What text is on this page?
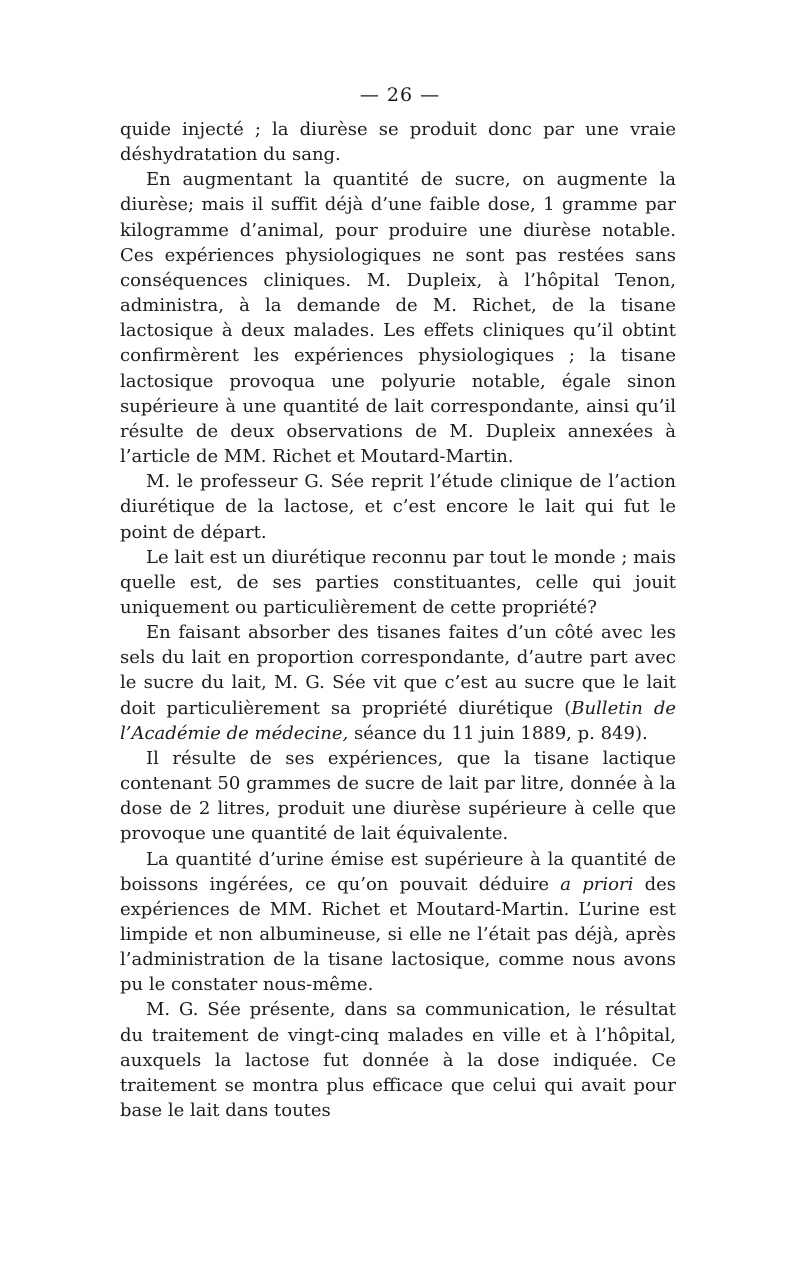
— 26 —

quide injecté ; la diurèse se produit donc par une vraie déshydratation du sang.

En augmentant la quantité de sucre, on augmente la diurèse; mais il suffit déjà d’une faible dose, 1 gramme par kilogramme d’animal, pour produire une diurèse notable. Ces expériences physiologiques ne sont pas restées sans conséquences cliniques. M. Dupleix, à l’hôpital Tenon, administra, à la demande de M. Richet, de la tisane lactosique à deux malades. Les effets cliniques qu’il obtint confirmèrent les expériences physiologiques ; la tisane lactosique provoqua une polyurie notable, égale sinon supérieure à une quantité de lait correspondante, ainsi qu’il résulte de deux observations de M. Dupleix annexées à l’article de MM. Richet et Moutard-Martin.

M. le professeur G. Sée reprit l’étude clinique de l’action diurétique de la lactose, et c’est encore le lait qui fut le point de départ.

Le lait est un diurétique reconnu par tout le monde ; mais quelle est, de ses parties constituantes, celle qui jouit uniquement ou particulièrement de cette propriété?

En faisant absorber des tisanes faites d’un côté avec les sels du lait en proportion correspondante, d’autre part avec le sucre du lait, M. G. Sée vit que c’est au sucre que le lait doit particulièrement sa propriété diurétique (Bulletin de l’Académie de médecine, séance du 11 juin 1889, p. 849).

Il résulte de ses expériences, que la tisane lactique contenant 50 grammes de sucre de lait par litre, donnée à la dose de 2 litres, produit une diurèse supérieure à celle que provoque une quantité de lait équivalente.

La quantité d’urine émise est supérieure à la quantité de boissons ingérées, ce qu’on pouvait déduire a priori des expériences de MM. Richet et Moutard-Martin. L’urine est limpide et non albumineuse, si elle ne l’était pas déjà, après l’administration de la tisane lactosique, comme nous avons pu le constater nous-même.

M. G. Sée présente, dans sa communication, le résultat du traitement de vingt-cinq malades en ville et à l’hôpital, auxquels la lactose fut donnée à la dose indiquée. Ce traitement se montra plus efficace que celui qui avait pour base le lait dans toutes
